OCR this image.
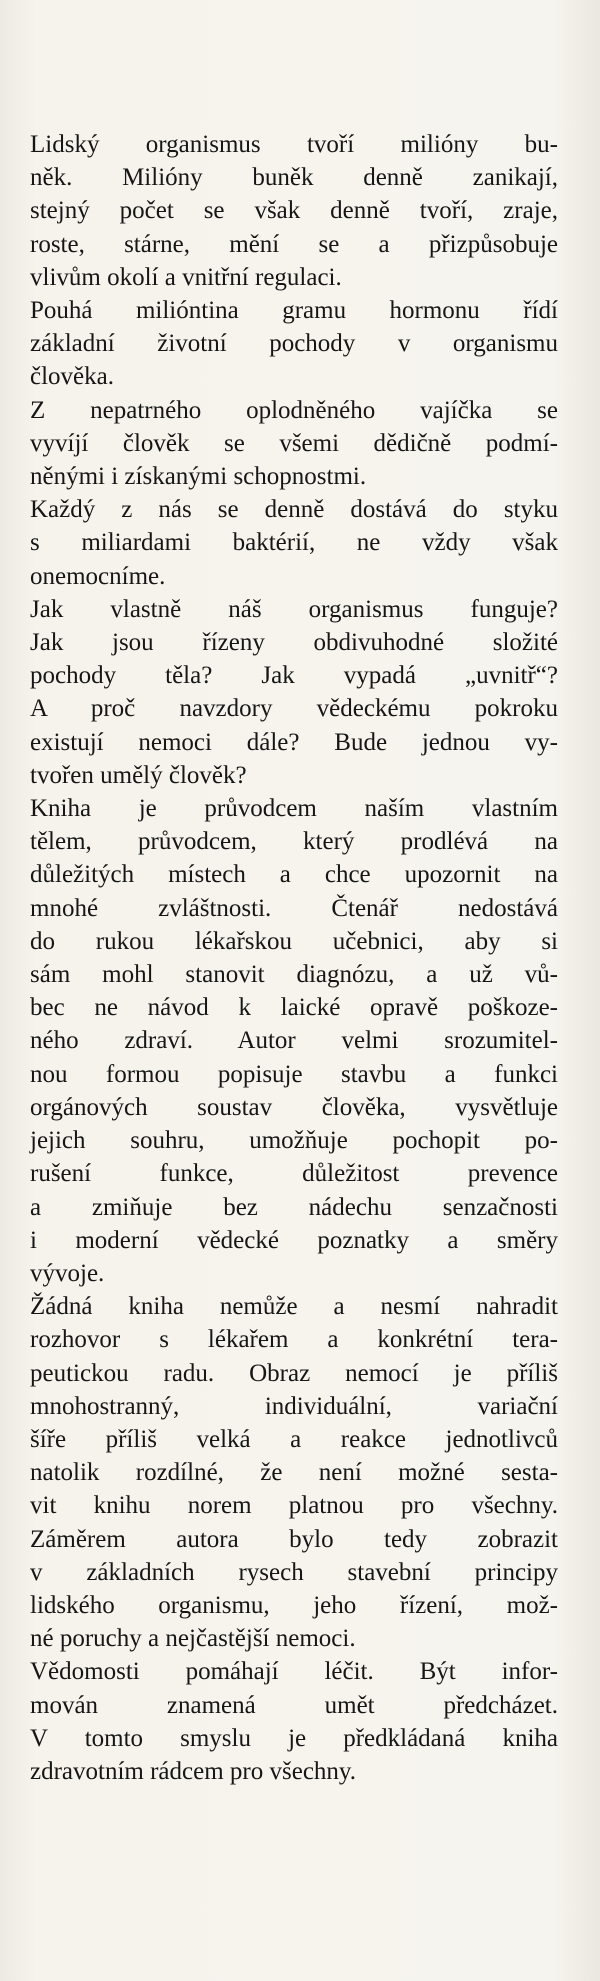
Lidský organismus tvoří milióny bu-
něk. Milióny buněk denně zanikají,
stejný počet se však denně tvoří, zraje,
roste, stárne, mění se a přizpůsobuje
vlivům okolí a vnitřní regulaci.
Pouhá milióntina gramu hormonu řídí
základní životní pochody v organismu
člověka.
Z nepatrného oplodněného vajíčka se
vyvíjí člověk se všemi dědičně podmí-
něnými i získanými schopnostmi.
Každý z nás se denně dostává do styku
s miliardami baktérií, ne vždy však
onemocníme.
Jak vlastně náš organismus funguje?
Jak jsou řízeny obdivuhodné složité
pochody těla? Jak vypadá „uvnitř“?
A proč navzdory vědeckému pokroku
existují nemoci dále? Bude jednou vy-
tvořen umělý člověk?
Kniha je průvodcem naším vlastním
tělem, průvodcem, který prodlévá na
důležitých místech a chce upozornit na
mnohé zvláštnosti. Čtenář nedostává
do rukou lékařskou učebnici, aby si
sám mohl stanovit diagnózu, a už vů-
bec ne návod k laické opravě poškoze-
ného zdraví. Autor velmi srozumitel-
nou formou popisuje stavbu a funkci
orgánových soustav člověka, vysvětluje
jejich souhru, umožňuje pochopit po-
rušení funkce, důležitost prevence
a zmiňuje bez nádechu senzačnosti
i moderní vědecké poznatky a směry
vývoje.
Žádná kniha nemůže a nesmí nahradit
rozhovor s lékařem a konkrétní tera-
peutickou radu. Obraz nemocí je příliš
mnohostranný, individuální, variační
šíře příliš velká a reakce jednotlivců
natolik rozdílné, že není možné sesta-
vit knihu norem platnou pro všechny.
Záměrem autora bylo tedy zobrazit
v základních rysech stavební principy
lidského organismu, jeho řízení, mož-
né poruchy a nejčastější nemoci.
Vědomosti pomáhají léčit. Být infor-
mován znamená umět předcházet.
V tomto smyslu je předkládaná kniha
zdravotním rádcem pro všechny.
